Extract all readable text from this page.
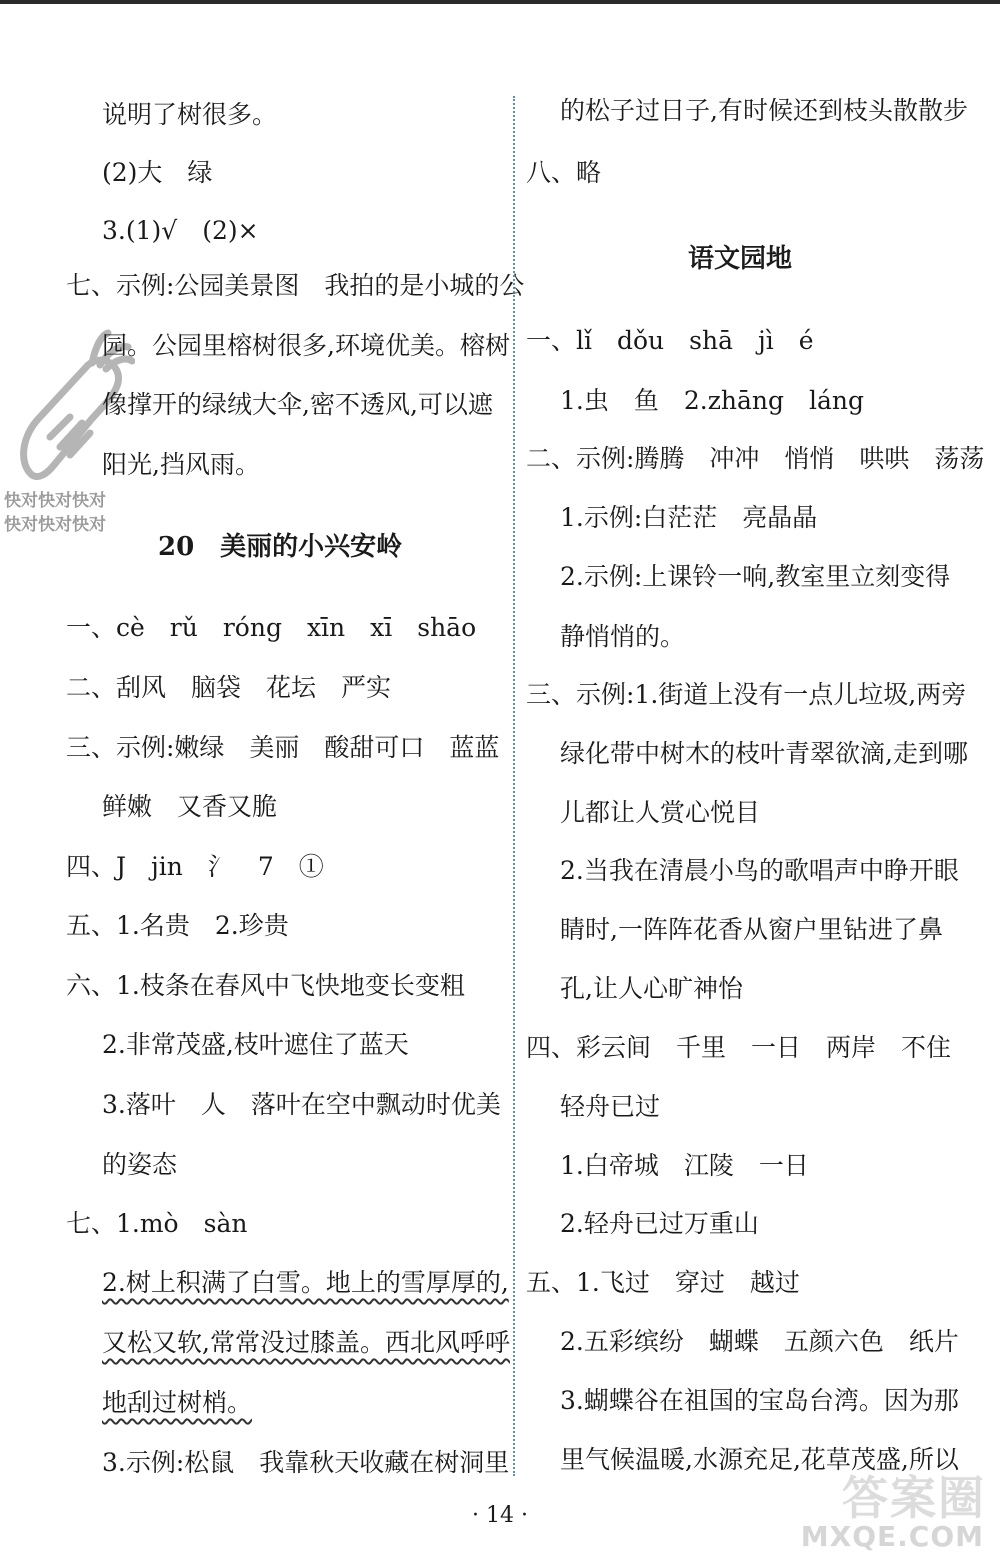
快对快对快对
快对快对快对
说明了树很多。
(2)大　绿
3.(1)√　(2)×
七、示例:公园美景图　我拍的是小城的公
园。公园里榕树很多,环境优美。榕树
像撑开的绿绒大伞,密不透风,可以遮
阳光,挡风雨。
20　美丽的小兴安岭
一、cè　rǔ　róng　xīn　xī　shāo
二、刮风　脑袋　花坛　严实
三、示例:嫩绿　美丽　酸甜可口　蓝蓝
鲜嫩　又香又脆
四、J　jin　氵　7　①
五、1.名贵　2.珍贵
六、1.枝条在春风中飞快地变长变粗
2.非常茂盛,枝叶遮住了蓝天
3.落叶　人　落叶在空中飘动时优美
的姿态
七、1.mò　sàn
2.树上积满了白雪。地上的雪厚厚的,
又松又软,常常没过膝盖。西北风呼呼
地刮过树梢。
3.示例:松鼠　我靠秋天收藏在树洞里
的松子过日子,有时候还到枝头散散步
八、略
语文园地
一、lǐ　dǒu　shā　jì　é
1.虫　鱼　2.zhāng　láng
二、示例:腾腾　冲冲　悄悄　哄哄　荡荡
1.示例:白茫茫　亮晶晶
2.示例:上课铃一响,教室里立刻变得
静悄悄的。
三、示例:1.街道上没有一点儿垃圾,两旁
绿化带中树木的枝叶青翠欲滴,走到哪
儿都让人赏心悦目
2.当我在清晨小鸟的歌唱声中睁开眼
睛时,一阵阵花香从窗户里钻进了鼻
孔,让人心旷神怡
四、彩云间　千里　一日　两岸　不住
轻舟已过
1.白帝城　江陵　一日
2.轻舟已过万重山
五、1.飞过　穿过　越过
2.五彩缤纷　蝴蝶　五颜六色　纸片
3.蝴蝶谷在祖国的宝岛台湾。因为那
里气候温暖,水源充足,花草茂盛,所以
· 14 ·	答案圈
MXQE.COM
